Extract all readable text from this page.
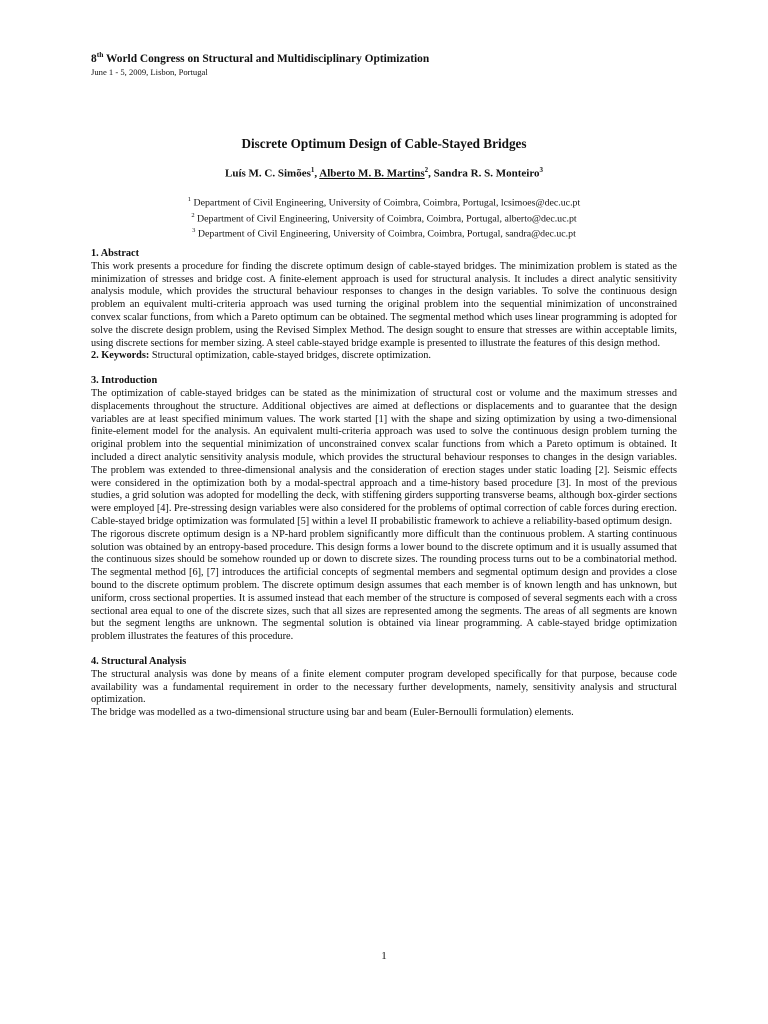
8th World Congress on Structural and Multidisciplinary Optimization
June 1 - 5, 2009, Lisbon, Portugal
Discrete Optimum Design of Cable-Stayed Bridges
Luís M. C. Simões$^1$, Alberto M. B. Martins$^2$, Sandra R. S. Monteiro$^3$
$^1$ Department of Civil Engineering, University of Coimbra, Coimbra, Portugal, lcsimoes@dec.uc.pt
$^2$ Department of Civil Engineering, University of Coimbra, Coimbra, Portugal, alberto@dec.uc.pt
$^3$ Department of Civil Engineering, University of Coimbra, Coimbra, Portugal, sandra@dec.uc.pt

1. Abstract

This work presents a procedure for finding the discrete optimum design of cable-stayed bridges. The minimization problem is stated as the minimization of stresses and bridge cost. A finite-element approach is used for structural analysis. It includes a direct analytic sensitivity analysis module, which provides the structural behaviour responses to changes in the design variables. To solve the continuous design problem an equivalent multi-criteria approach was used turning the original problem into the sequential minimization of unconstrained convex scalar functions, from which a Pareto optimum can be obtained. The segmental method which uses linear programming is adopted for solve the discrete design problem, using the Revised Simplex Method. The design sought to ensure that stresses are within acceptable limits, using discrete sections for member sizing. A steel cable-stayed bridge example is presented to illustrate the features of this design method.

2. Keywords: Structural optimization, cable-stayed bridges, discrete optimization.

3. Introduction

The optimization of cable-stayed bridges can be stated as the minimization of structural cost or volume and the maximum stresses and displacements throughout the structure. Additional objectives are aimed at deflections or displacements and to guarantee that the design variables are at least specified minimum values. The work started [1] with the shape and sizing optimization by using a two-dimensional finite-element model for the analysis. An equivalent multi-criteria approach was used to solve the continuous design problem turning the original problem into the sequential minimization of unconstrained convex scalar functions from which a Pareto optimum is obtained. It included a direct analytic sensitivity analysis module, which provides the structural behaviour responses to changes in the design variables. The problem was extended to three-dimensional analysis and the consideration of erection stages under static loading [2]. Seismic effects were considered in the optimization both by a modal-spectral approach and a time-history based procedure [3]. In most of the previous studies, a grid solution was adopted for modelling the deck, with stiffening girders supporting transverse beams, although box-girder sections were employed [4]. Pre-stressing design variables were also considered for the problems of optimal correction of cable forces during erection. Cable-stayed bridge optimization was formulated [5] within a level II probabilistic framework to achieve a reliability-based optimum design.

The rigorous discrete optimum design is a NP-hard problem significantly more difficult than the continuous problem. A starting continuous solution was obtained by an entropy-based procedure. This design forms a lower bound to the discrete optimum and it is usually assumed that the continuous sizes should be somehow rounded up or down to discrete sizes. The rounding process turns out to be a combinatorial method. The segmental method [6], [7] introduces the artificial concepts of segmental members and segmental optimum design and provides a close bound to the discrete optimum problem. The discrete optimum design assumes that each member is of known length and has unknown, but uniform, cross sectional properties. It is assumed instead that each member of the structure is composed of several segments each with a cross sectional area equal to one of the discrete sizes, such that all sizes are represented among the segments. The areas of all segments are known but the segment lengths are unknown. The segmental solution is obtained via linear programming. A cable-stayed bridge optimization problem illustrates the features of this procedure.

4. Structural Analysis

The structural analysis was done by means of a finite element computer program developed specifically for that purpose, because code availability was a fundamental requirement in order to the necessary further developments, namely, sensitivity analysis and structural optimization.

The bridge was modelled as a two-dimensional structure using bar and beam (Euler-Bernoulli formulation) elements.

1
